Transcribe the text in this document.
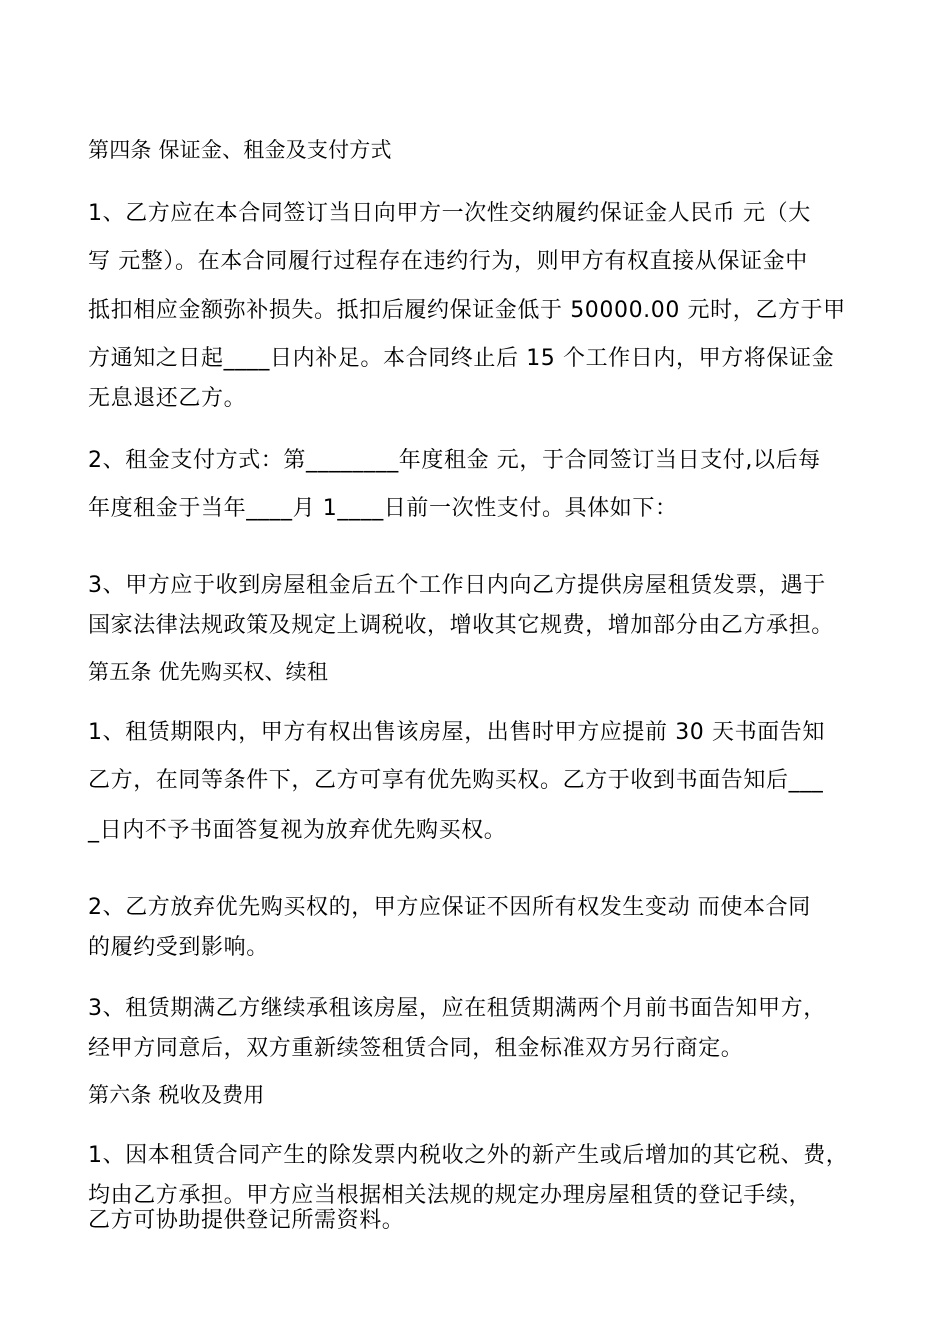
第四条 保证金、租金及支付方式
1、乙方应在本合同签订当日向甲方一次性交纳履约保证金人民币 元（大
写 元整）。在本合同履行过程存在违约行为，则甲方有权直接从保证金中
抵扣相应金额弥补损失。抵扣后履约保证金低于 50000.00 元时，乙方于甲
方通知之日起____日内补足。本合同终止后 15 个工作日内，甲方将保证金
无息退还乙方。
2、租金支付方式：第________年度租金 元，于合同签订当日支付,以后每
年度租金于当年____月 1____日前一次性支付。具体如下：
3、甲方应于收到房屋租金后五个工作日内向乙方提供房屋租赁发票，遇于
国家法律法规政策及规定上调税收，增收其它规费，增加部分由乙方承担。
第五条 优先购买权、续租
1、租赁期限内，甲方有权出售该房屋，出售时甲方应提前 30 天书面告知
乙方，在同等条件下，乙方可享有优先购买权。乙方于收到书面告知后___
_日内不予书面答复视为放弃优先购买权。
2、乙方放弃优先购买权的，甲方应保证不因所有权发生变动 而使本合同
的履约受到影响。
3、租赁期满乙方继续承租该房屋，应在租赁期满两个月前书面告知甲方，
经甲方同意后，双方重新续签租赁合同，租金标准双方另行商定。
第六条 税收及费用
1、因本租赁合同产生的除发票内税收之外的新产生或后增加的其它税、费，
均由乙方承担。甲方应当根据相关法规的规定办理房屋租赁的登记手续，
乙方可协助提供登记所需资料。
